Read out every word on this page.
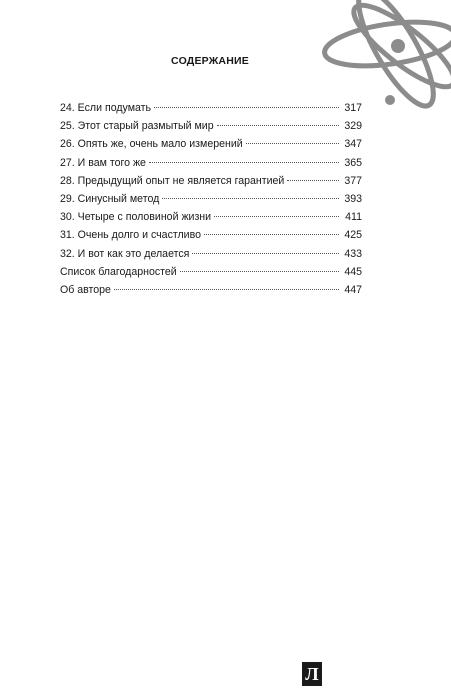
СОДЕРЖАНИЕ
24. Если подумать	317
25. Этот старый размытый мир	329
26. Опять же, очень мало измерений	347
27. И вам того же	365
28. Предыдущий опыт не является гарантией	377
29. Синусный метод	393
30. Четыре с половиной жизни	411
31. Очень долго и счастливо	425
32. И вот как это делается	433
Список благодарностей	445
Об авторе	447
Л
